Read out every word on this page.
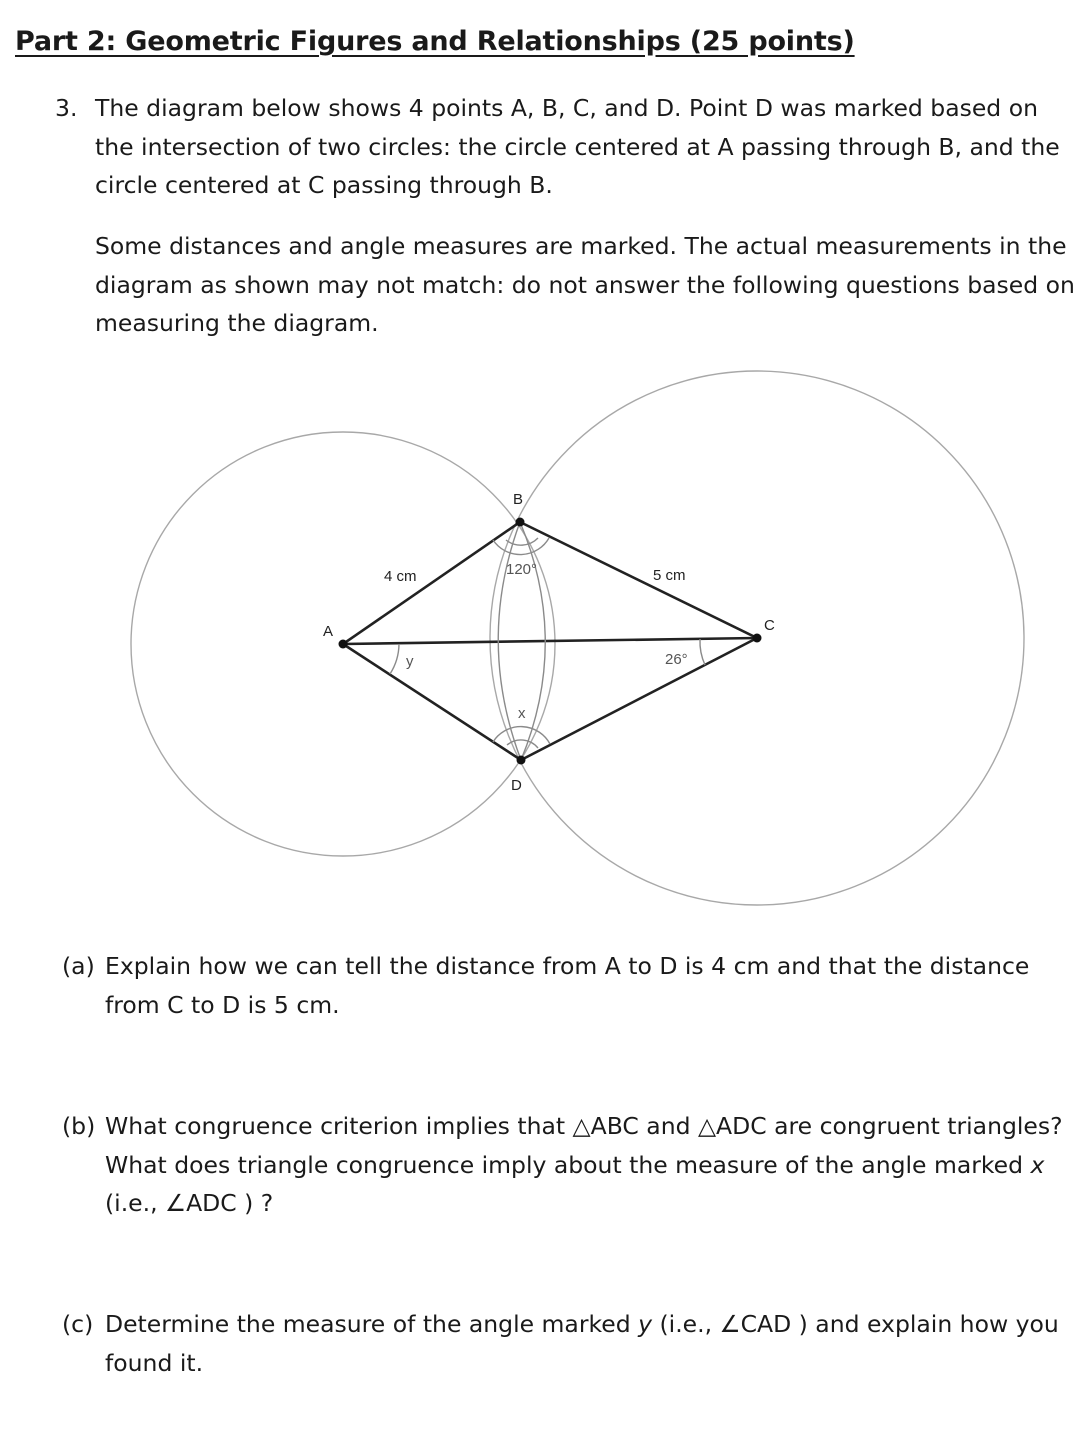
Part 2: Geometric Figures and Relationships (25 points)
3. The diagram below shows 4 points A, B, C, and D. Point D was marked based on the intersection of two circles: the circle centered at A passing through B, and the circle centered at C passing through B.

Some distances and angle measures are marked. The actual measurements in the diagram as shown may not match: do not answer the following questions based on measuring the diagram.

A
B
C
D
4 cm	5 cm
120°
26°
x
y
(a) Explain how we can tell the distance from A to D is 4 cm and that the distance from C to D is 5 cm.
(b) What congruence criterion implies that △ABC and △ADC are congruent triangles? What does triangle congruence imply about the measure of the angle marked x (i.e., ∠ADC ) ?
(c) Determine the measure of the angle marked y (i.e., ∠CAD ) and explain how you found it.
